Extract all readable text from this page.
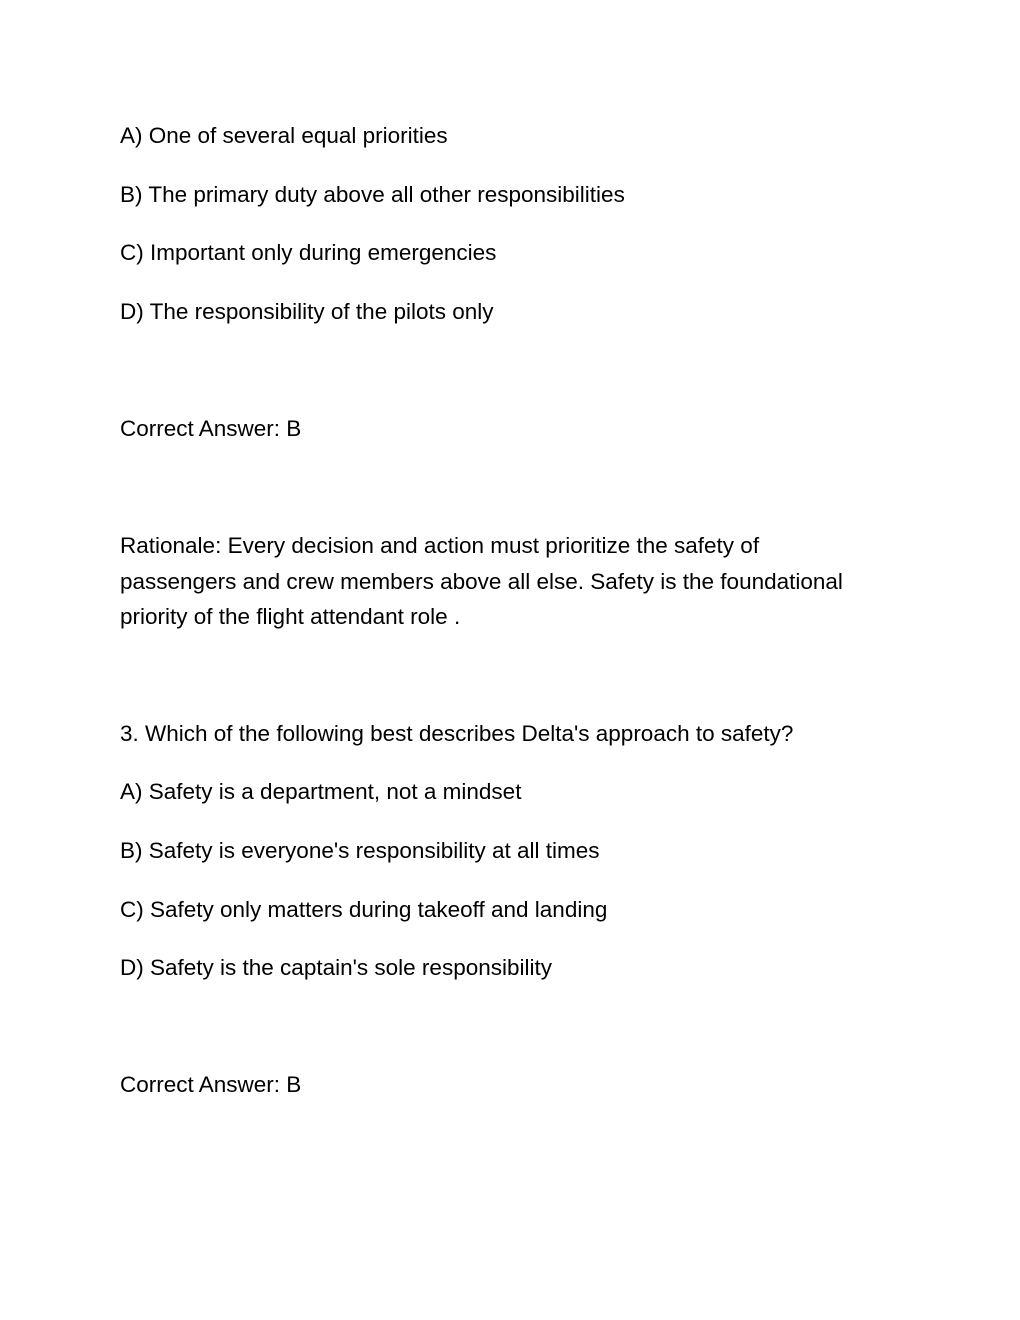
A) One of several equal priorities
B) The primary duty above all other responsibilities
C) Important only during emergencies
D) The responsibility of the pilots only
Correct Answer: B
Rationale: Every decision and action must prioritize the safety of
passengers and crew members above all else. Safety is the foundational
priority of the flight attendant role .
3. Which of the following best describes Delta's approach to safety?
A) Safety is a department, not a mindset
B) Safety is everyone's responsibility at all times
C) Safety only matters during takeoff and landing
D) Safety is the captain's sole responsibility
Correct Answer: B
